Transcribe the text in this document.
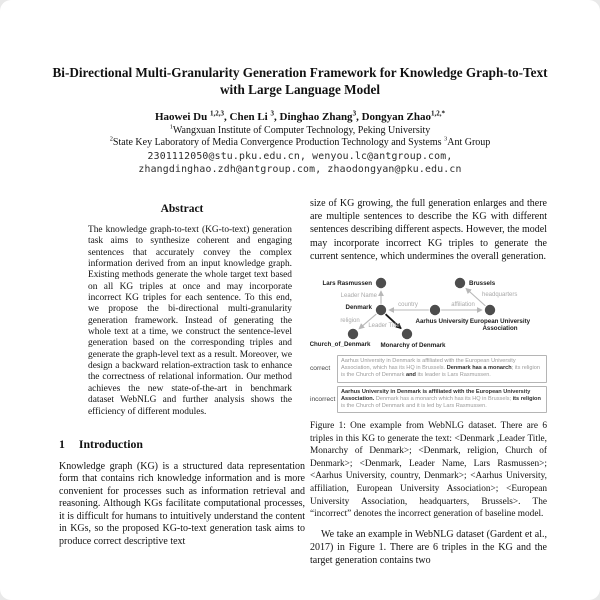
Bi-Directional Multi-Granularity Generation Framework for Knowledge Graph-to-Text with Large Language Model
Haowei Du $^{1,2,3}$, Chen Li $^3$, Dinghao Zhang$^3$, Dongyan Zhao$^{1,2,*}$
$^1$Wangxuan Institute of Computer Technology, Peking University
$^2$State Key Laboratory of Media Convergence Production Technology and Systems $^3$Ant Group
2301112050@stu.pku.edu.cn, wenyou.lc@antgroup.com,
zhangdinghao.zdh@antgroup.com, zhaodongyan@pku.edu.cn
Abstract

The knowledge graph-to-text (KG-to-text) generation task aims to synthesize coherent and engaging sentences that accurately convey the complex information derived from an input knowledge graph. Existing methods generate the whole target text based on all KG triples at once and may incorporate incorrect KG triples for each sentence. To this end, we propose the bi-directional multi-granularity generation framework. Instead of generating the whole text at a time, we construct the sentence-level generation based on the corresponding triples and generate the graph-level text as a result. Moreover, we design a backward relation-extraction task to enhance the correctness of relational information. Our method achieves the new state-of-the-art in benchmark dataset WebNLG and further analysis shows the efficiency of different modules.

1 Introduction

Knowledge graph (KG) is a structured data representation form that contains rich knowledge information and is more convenient for processes such as information retrieval and reasoning. Although KGs facilitate computational processes, it is difficult for humans to intuitively understand the content in KGs, so the proposed KG-to-text generation task aims to produce correct descriptive text

size of KG growing, the full generation enlarges and there are multiple sentences to describe the KG with different sentences describing different aspects. However, the model may incorporate incorrect KG triples to generate the current sentence, which undermines the overall generation.

Leader Name
country	affiliation
headquarters
religion
Leader Title
Lars Rasmussen	Brussels
Denmark
Aarhus University European University
Association
Church_of_Denmark Monarchy of Denmark
correct
Aarhus University in Denmark is affiliated with the European University Association, which has its HQ in Brussels. Denmark has a monarch; its religion is the Church of Denmark and its leader is Lars Rasmussen.
incorrect
Aarhus University in Denmark is affiliated with the European University Association. Denmark has a monarch which has its HQ in Brussels; its religion is the Church of Denmark and it is led by Lars Rasmussen.
Figure 1: One example from WebNLG dataset. There are 6 triples in this KG to generate the text: <Denmark ,Leader Title, Monarchy of Denmark>; <Denmark, religion, Church of Denmark>; <Denmark, Leader Name, Lars Rasmussen>; <Aarhus University, country, Denmark>; <Aarhus University, affiliation, European University Association>; <European University Association, headquarters, Brussels>. The “incorrect” denotes the incorrect generation of baseline model.

We take an example in WebNLG dataset (Gardent et al., 2017) in Figure 1. There are 6 triples in the KG and the target generation contains two
